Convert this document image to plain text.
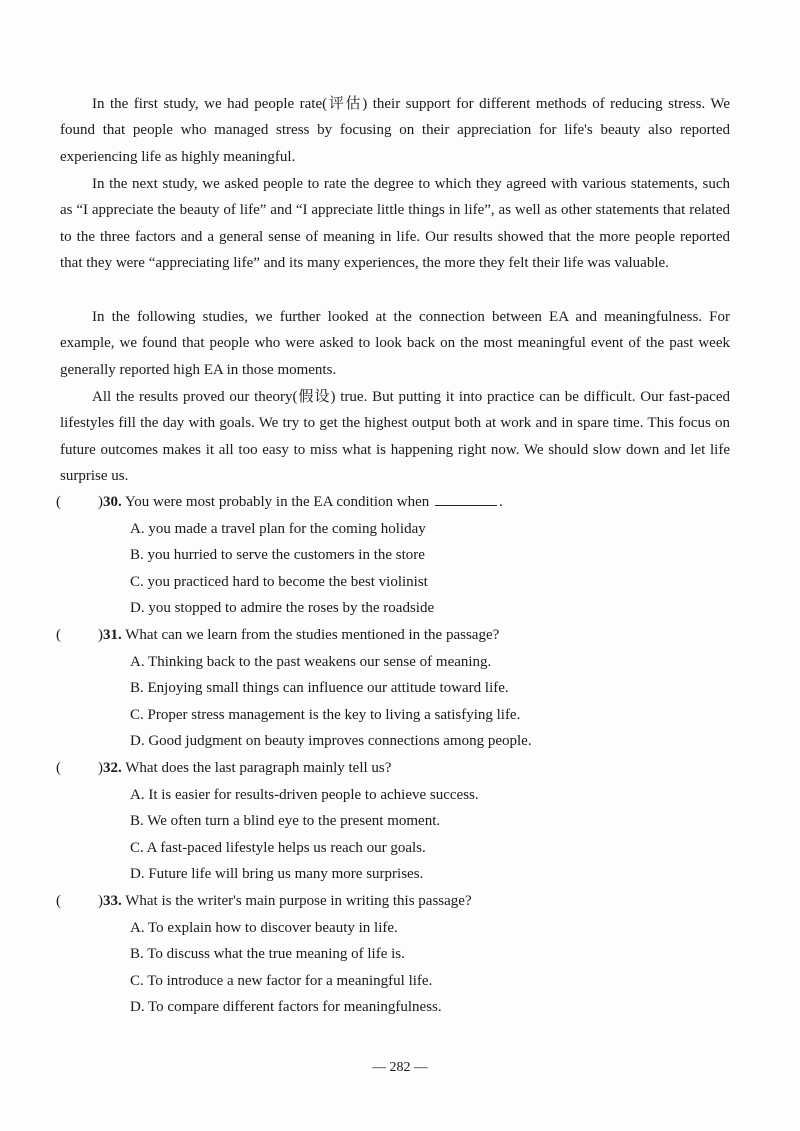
In the first study, we had people rate(评估) their support for different methods of reducing stress. We found that people who managed stress by focusing on their appreciation for life's beauty also reported experiencing life as highly meaningful.

In the next study, we asked people to rate the degree to which they agreed with various statements, such as “I appreciate the beauty of life” and “I appreciate little things in life”, as well as other statements that related to the three factors and a general sense of meaning in life. Our results showed that the more people reported that they were “appreciating life” and its many experiences, the more they felt their life was valuable.

In the following studies, we further looked at the connection between EA and meaningfulness. For example, we found that people who were asked to look back on the most meaningful event of the past week generally reported high EA in those moments.

All the results proved our theory(假设) true. But putting it into practice can be difficult. Our fast-paced lifestyles fill the day with goals. We try to get the highest output both at work and in spare time. This focus on future outcomes makes it all too easy to miss what is happening right now. We should slow down and let life surprise us.

( )30. You were most probably in the EA condition when	.
A. you made a travel plan for the coming holiday
B. you hurried to serve the customers in the store
C. you practiced hard to become the best violinist
D. you stopped to admire the roses by the roadside
( )31. What can we learn from the studies mentioned in the passage?
A. Thinking back to the past weakens our sense of meaning.
B. Enjoying small things can influence our attitude toward life.
C. Proper stress management is the key to living a satisfying life.
D. Good judgment on beauty improves connections among people.
( )32. What does the last paragraph mainly tell us?
A. It is easier for results-driven people to achieve success.
B. We often turn a blind eye to the present moment.
C. A fast-paced lifestyle helps us reach our goals.
D. Future life will bring us many more surprises.
( )33. What is the writer's main purpose in writing this passage?
A. To explain how to discover beauty in life.
B. To discuss what the true meaning of life is.
C. To introduce a new factor for a meaningful life.
D. To compare different factors for meaningfulness.
— 282 —
